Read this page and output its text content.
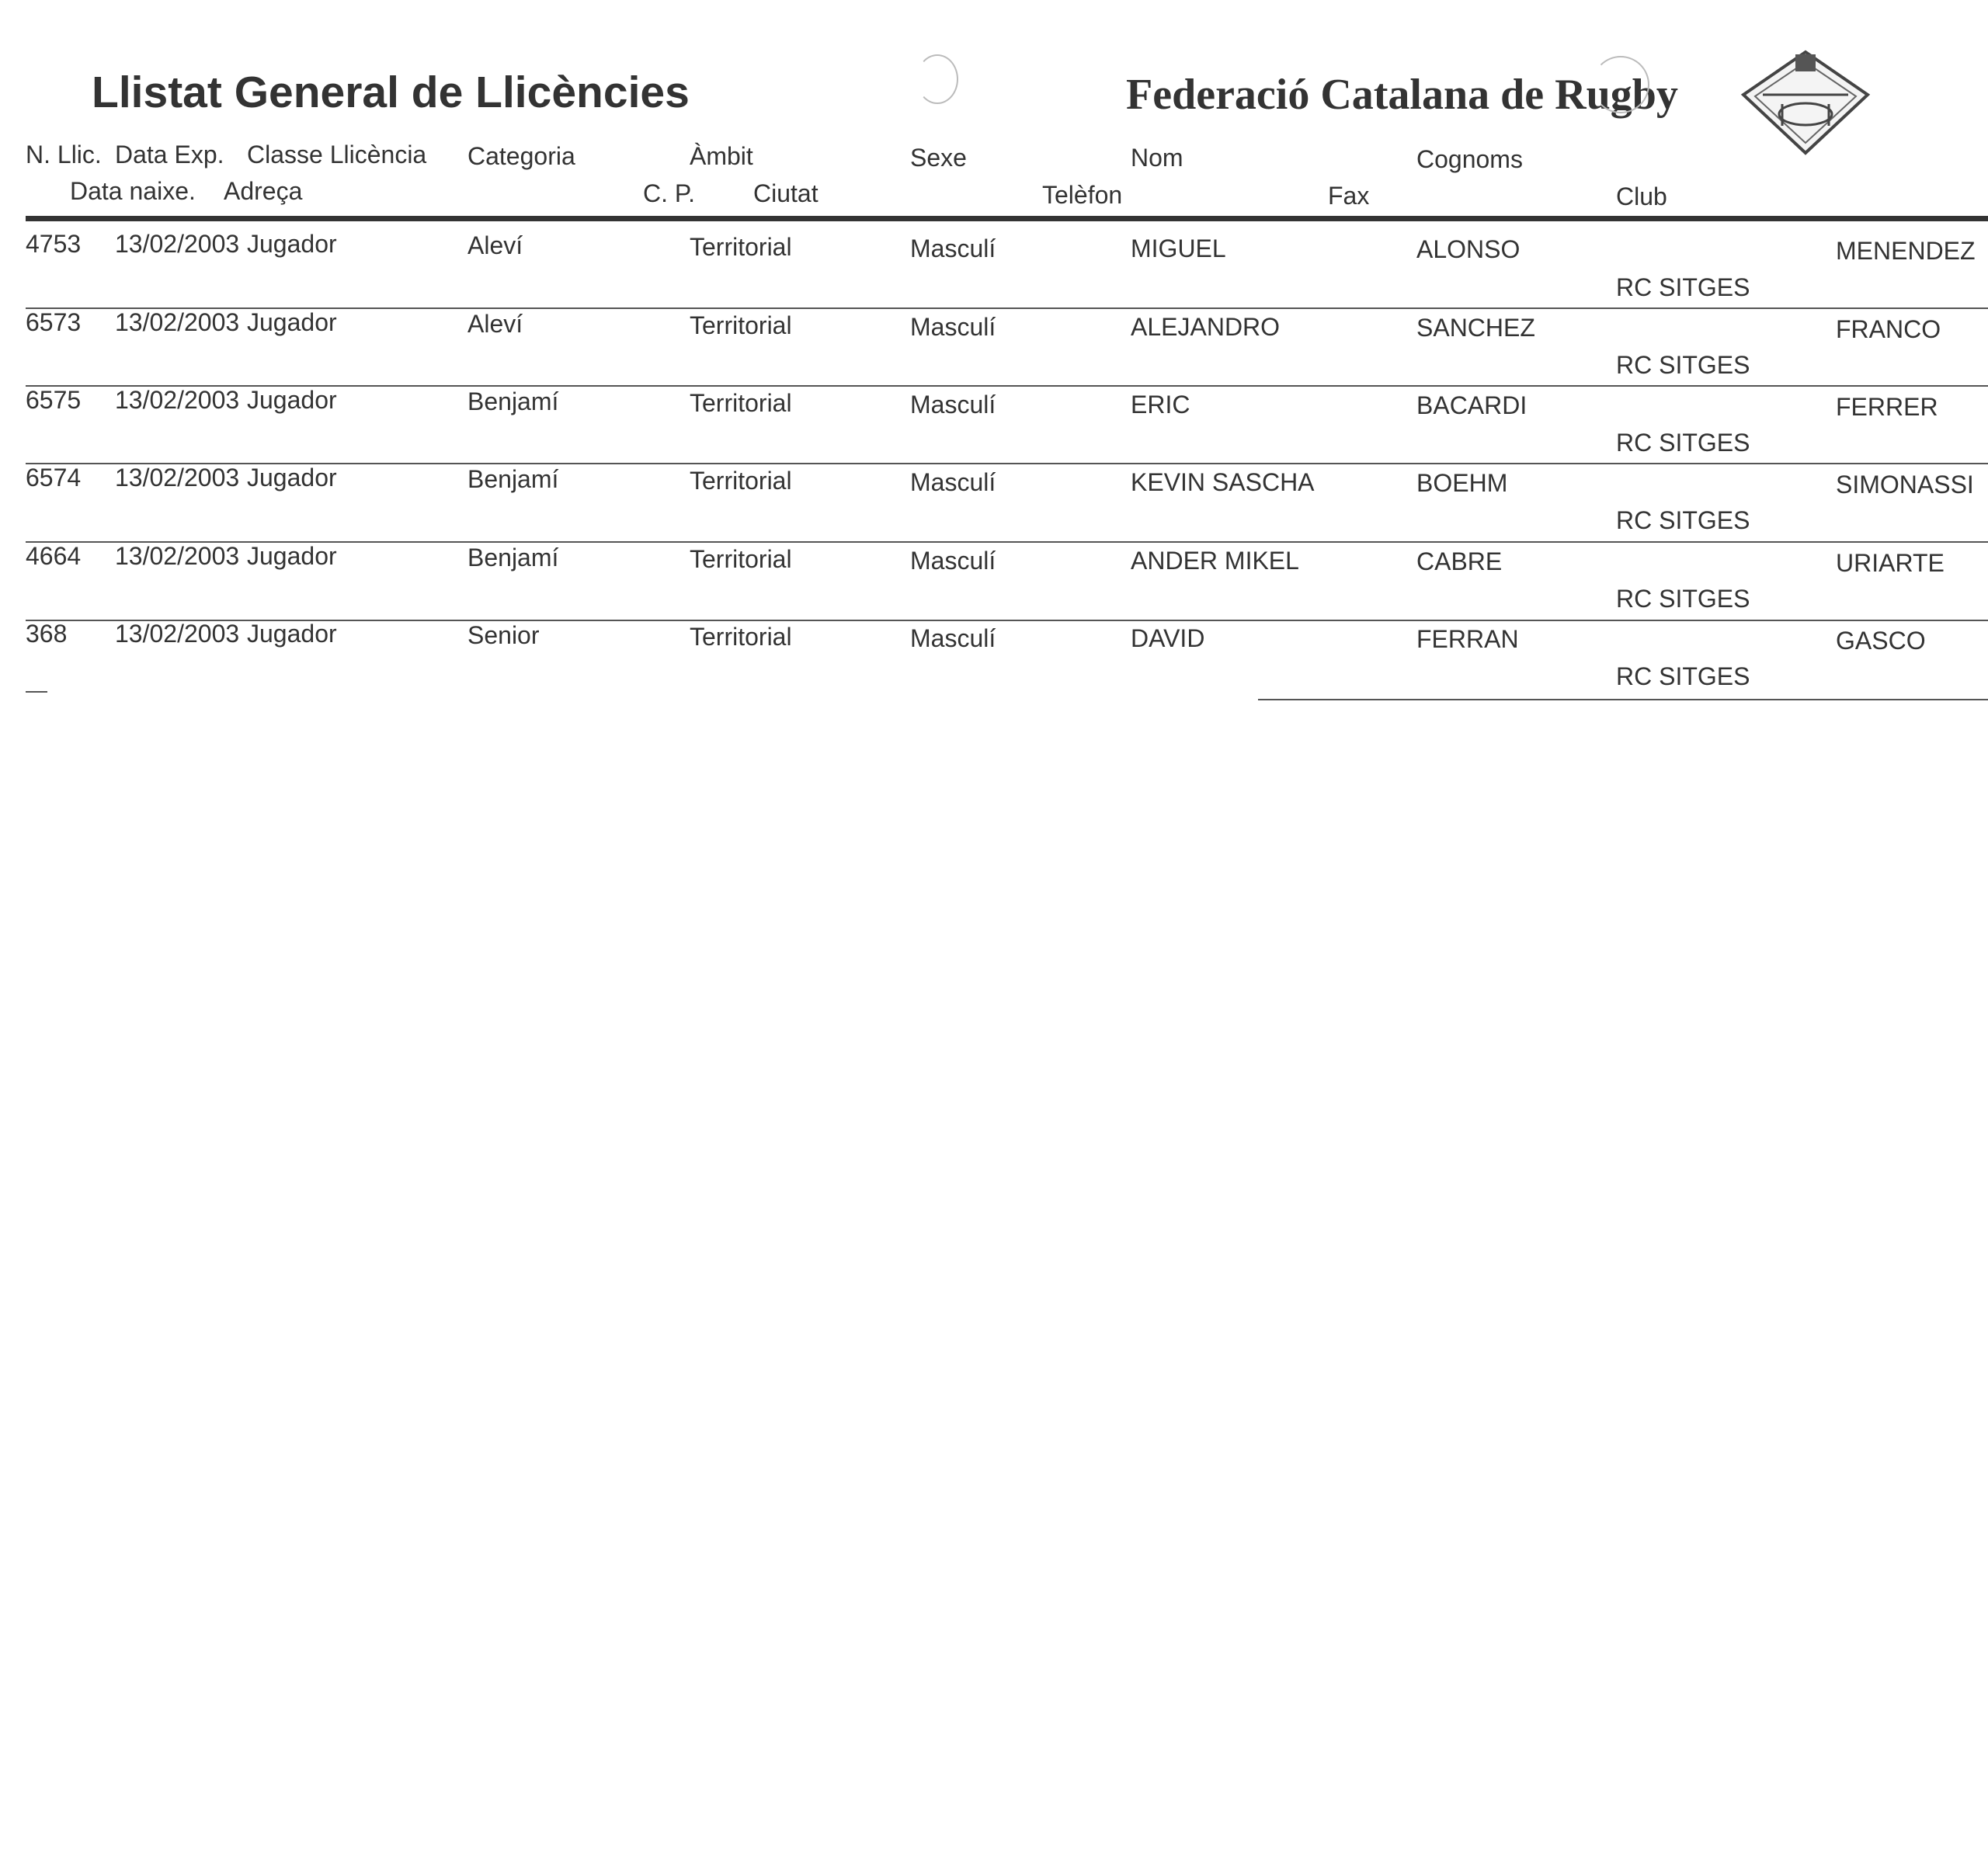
Llistat General de Llicències	Federació Catalana de Rugby
N. Llic. Data Exp. Classe Llicència Categoria	Àmbit	Sexe	Nom	Cognoms
Data naixe. Adreça	C. P. Ciutat	Telèfon	Fax	Club
4753 13/02/2003 Jugador	Aleví	Territorial	Masculí	MIGUEL	ALONSO	MENENDEZ
RC SITGES
6573 13/02/2003 Jugador	Aleví	Territorial	Masculí	ALEJANDRO	SANCHEZ	FRANCO
RC SITGES
6575 13/02/2003 Jugador	Benjamí	Territorial	Masculí	ERIC	BACARDI	FERRER
RC SITGES
6574 13/02/2003 Jugador	Benjamí	Territorial	Masculí	KEVIN SASCHA	BOEHM	SIMONASSI
RC SITGES
4664 13/02/2003 Jugador	Benjamí	Territorial	Masculí	ANDER MIKEL	CABRE	URIARTE
RC SITGES
368 13/02/2003 Jugador	Senior	Territorial	Masculí	DAVID	FERRAN	GASCO
RC SITGES
